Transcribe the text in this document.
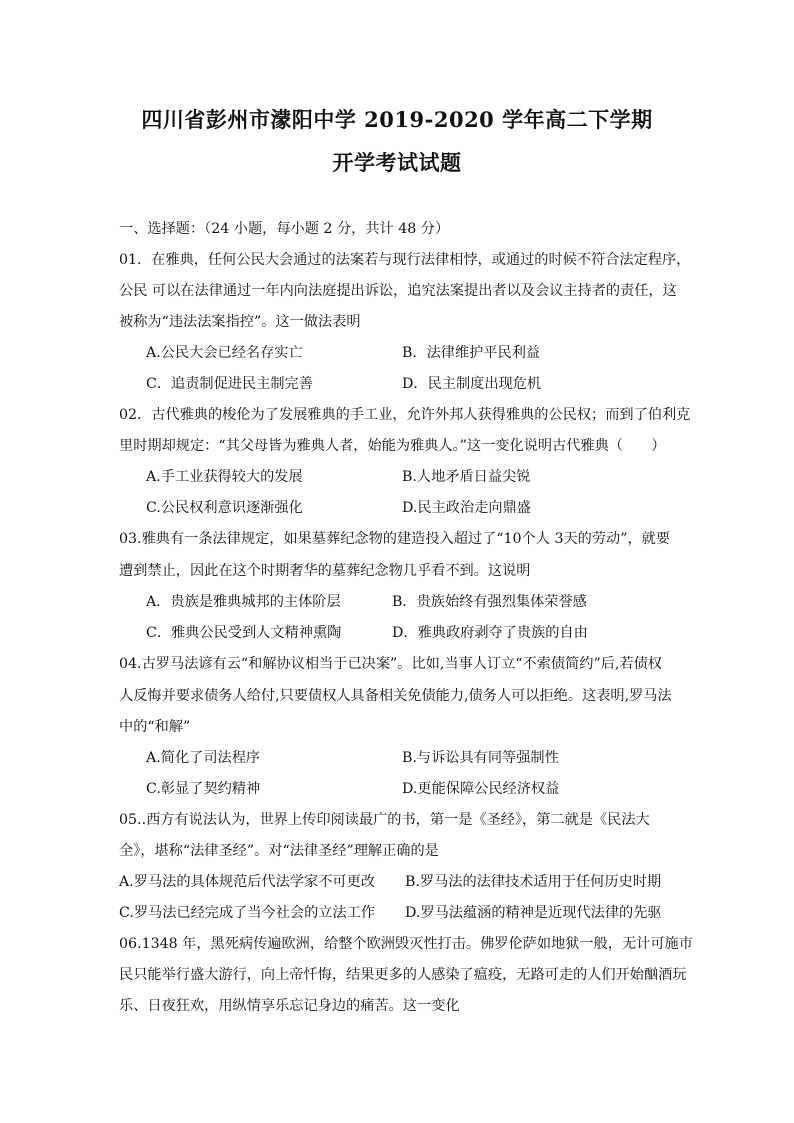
四川省彭州市濛阳中学 2019-2020 学年高二下学期
开学考试试题
一、选择题：（24 小题，每小题 2 分，共计 48 分）
01．在雅典，任何公民大会通过的法案若与现行法律相悖，或通过的时候不符合法定程序，
公民 可以在法律通过一年内向法庭提出诉讼，追究法案提出者以及会议主持者的责任，这
被称为“违法法案指控”。这一做法表明
A.公民大会已经名存实亡	B．法律维护平民利益
C．追责制促进民主制完善	D．民主制度出现危机
02．古代雅典的梭伦为了发展雅典的手工业，允许外邦人获得雅典的公民权；而到了伯利克
里时期却规定：“其父母皆为雅典人者，始能为雅典人。”这一变化说明古代雅典（　　）
A.手工业获得较大的发展	B.人地矛盾日益尖锐
C.公民权利意识逐渐强化	D.民主政治走向鼎盛
03.雅典有一条法律规定，如果墓葬纪念物的建造投入超过了“10个人 3天的劳动”，就要
遭到禁止，因此在这个时期奢华的墓葬纪念物几乎看不到。这说明
A．贵族是雅典城邦的主体阶层	B．贵族始终有强烈集体荣誉感
C．雅典公民受到人文精神熏陶	D．雅典政府剥夺了贵族的自由
04.古罗马法谚有云“和解协议相当于已决案”。比如,当事人订立“不索债简约”后,若债权
人反悔并要求债务人给付,只要债权人具备相关免债能力,债务人可以拒绝。这表明,罗马法
中的“和解”
A.简化了司法程序	B.与诉讼具有同等强制性
C.彰显了契约精神	D.更能保障公民经济权益
05..西方有说法认为，世界上传印阅读最广的书，第一是《圣经》，第二就是《民法大
全》，堪称“法律圣经”。对“法律圣经”理解正确的是
A.罗马法的具体规范后代法学家不可更改 B.罗马法的法律技术适用于任何历史时期
C.罗马法已经完成了当今社会的立法工作 D.罗马法蕴涵的精神是近现代法律的先驱
06.1348 年，黑死病传遍欧洲，给整个欧洲毁灭性打击。佛罗伦萨如地狱一般，无计可施市
民只能举行盛大游行，向上帝忏悔，结果更多的人感染了瘟疫，无路可走的人们开始酗酒玩
乐、日夜狂欢，用纵情享乐忘记身边的痛苦。这一变化
